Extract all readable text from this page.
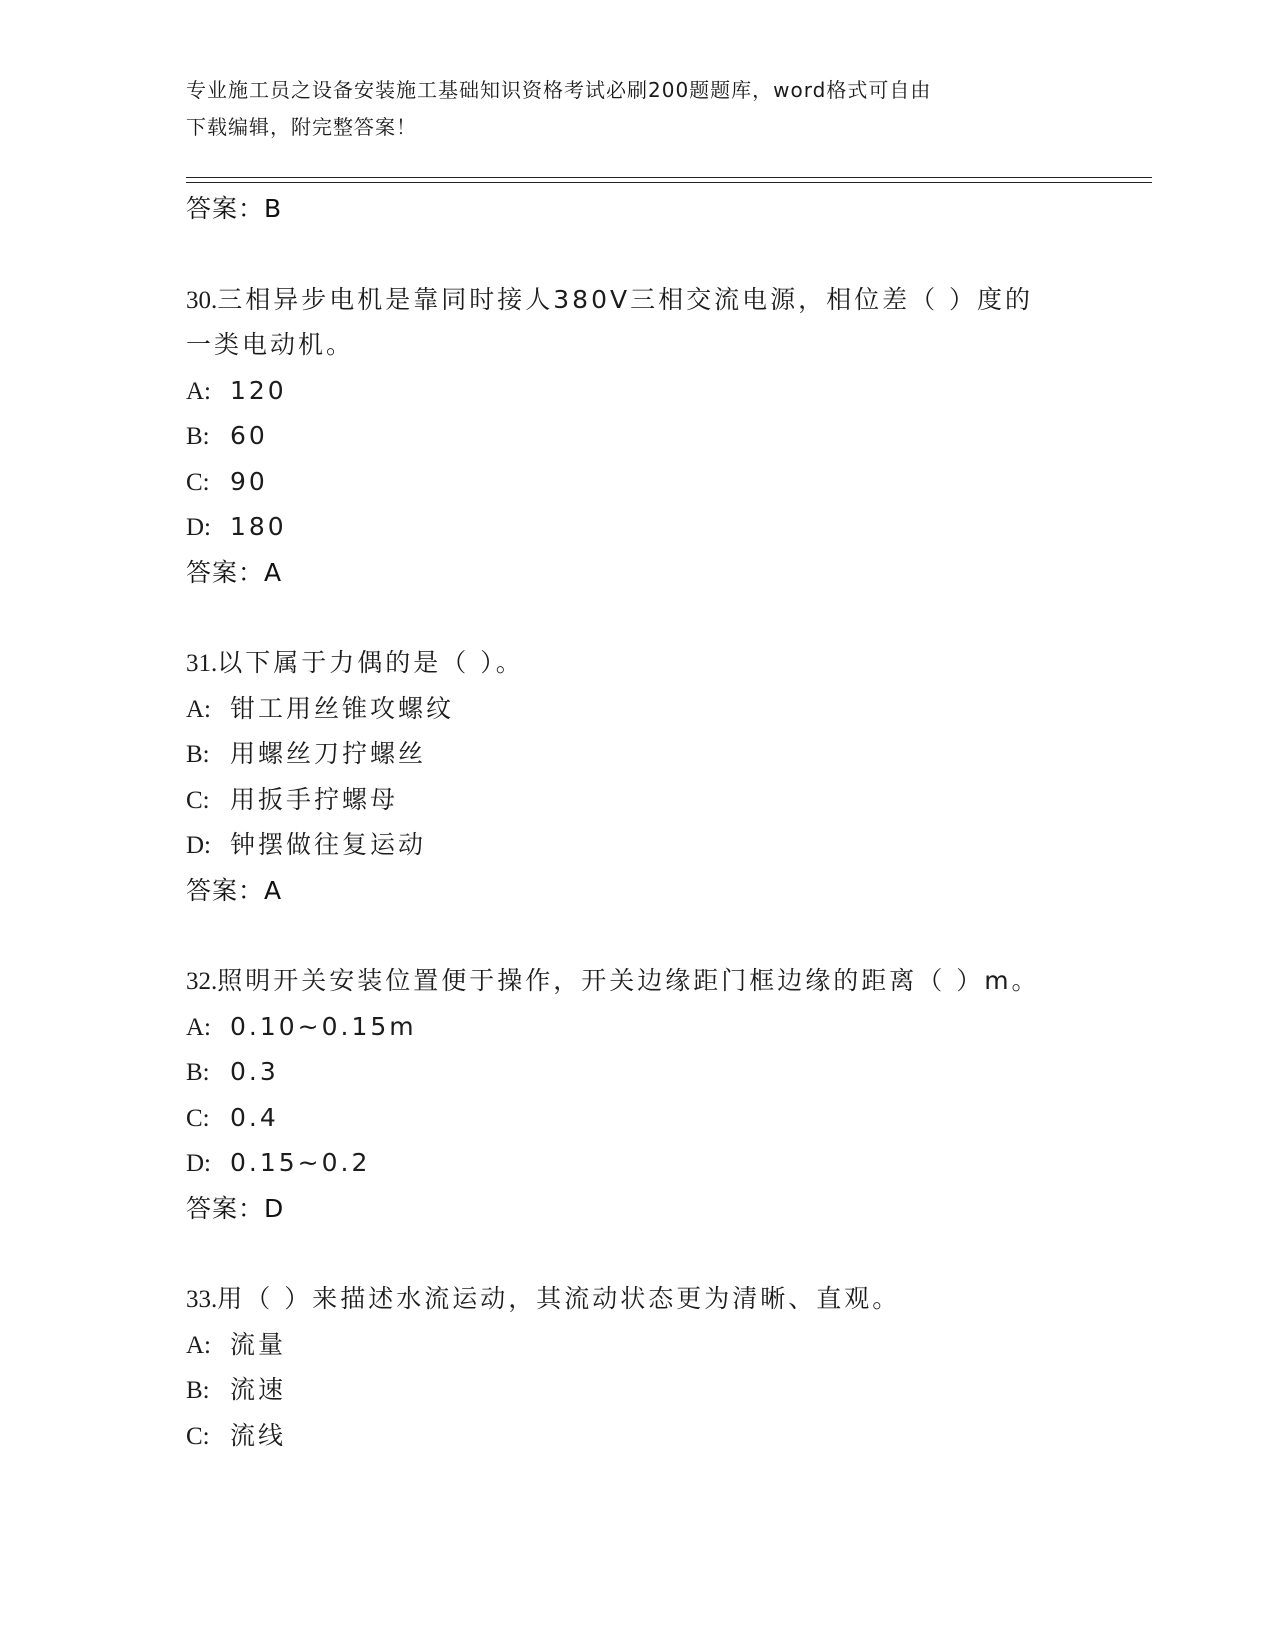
专业施工员之设备安装施工基础知识资格考试必刷200题题库，word格式可自由
下载编辑，附完整答案！
答案：B
30.三相异步电机是靠同时接人380V三相交流电源，相位差（ ）度的
一类电动机。
A: 120
B: 60
C: 90
D: 180
答案：A
31.以下属于力偶的是（ ）。
A: 钳工用丝锥攻螺纹
B: 用螺丝刀拧螺丝
C: 用扳手拧螺母
D: 钟摆做往复运动
答案：A
32.照明开关安装位置便于操作，开关边缘距门框边缘的距离（ ）m。
A: 0.10~0.15m
B: 0.3
C: 0.4
D: 0.15~0.2
答案：D
33.用（ ）来描述水流运动，其流动状态更为清晰、直观。
A: 流量
B: 流速
C: 流线
